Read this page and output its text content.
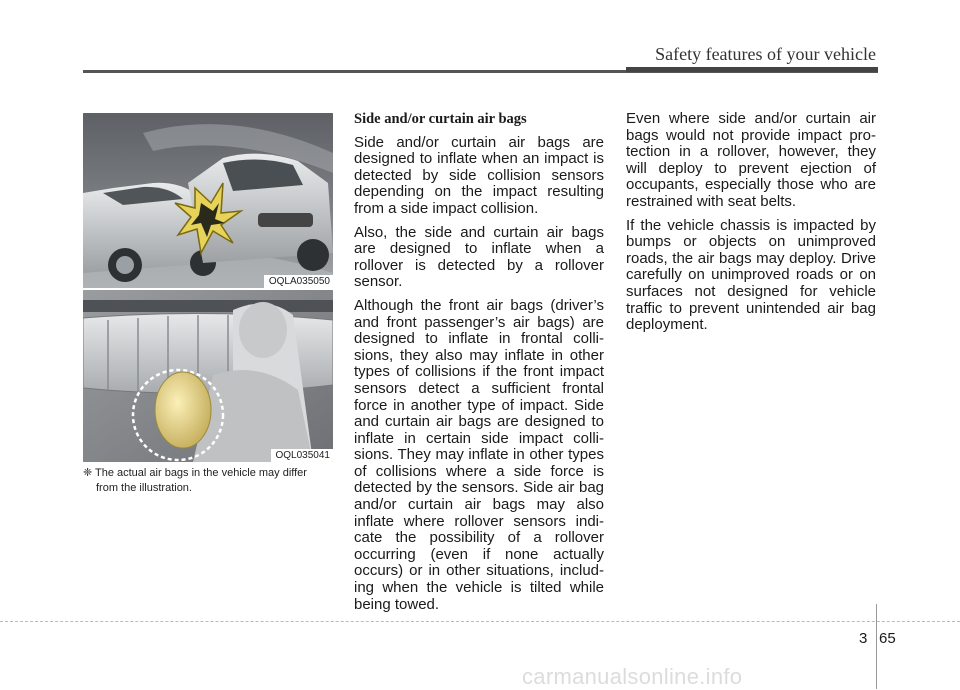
Safety features of your vehicle
OQLA035050
OQL035041
❈ The actual air bags in the vehicle may differ
from the illustration.
Side and/or curtain air bags

Side and/or curtain air bags are designed to inflate when an impact is detected by side collision sensors depending on the impact resulting from a side impact collision.

Also, the side and curtain air bags are designed to inflate when a rollover is detected by a rollover sensor.

Although the front air bags (driver’s and front passenger’s air bags) are designed to inflate in frontal colli-sions, they also may inflate in other types of collisions if the front impact sensors detect a sufficient frontal force in another type of impact. Side and curtain air bags are designed to inflate in certain side impact colli-sions. They may inflate in other types of collisions where a side force is detected by the sensors. Side air bag and/or curtain air bags may also inflate where rollover sensors indi-cate the possibility of a rollover occurring (even if none actually occurs) or in other situations, includ-ing when the vehicle is tilted while being towed.

Even where side and/or curtain air bags would not provide impact pro-tection in a rollover, however, they will deploy to prevent ejection of occupants, especially those who are restrained with seat belts.

If the vehicle chassis is impacted by bumps or objects on unimproved roads, the air bags may deploy. Drive carefully on unimproved roads or on surfaces not designed for vehicle traffic to prevent unintended air bag deployment.

3 65
carmanualsonline.info
